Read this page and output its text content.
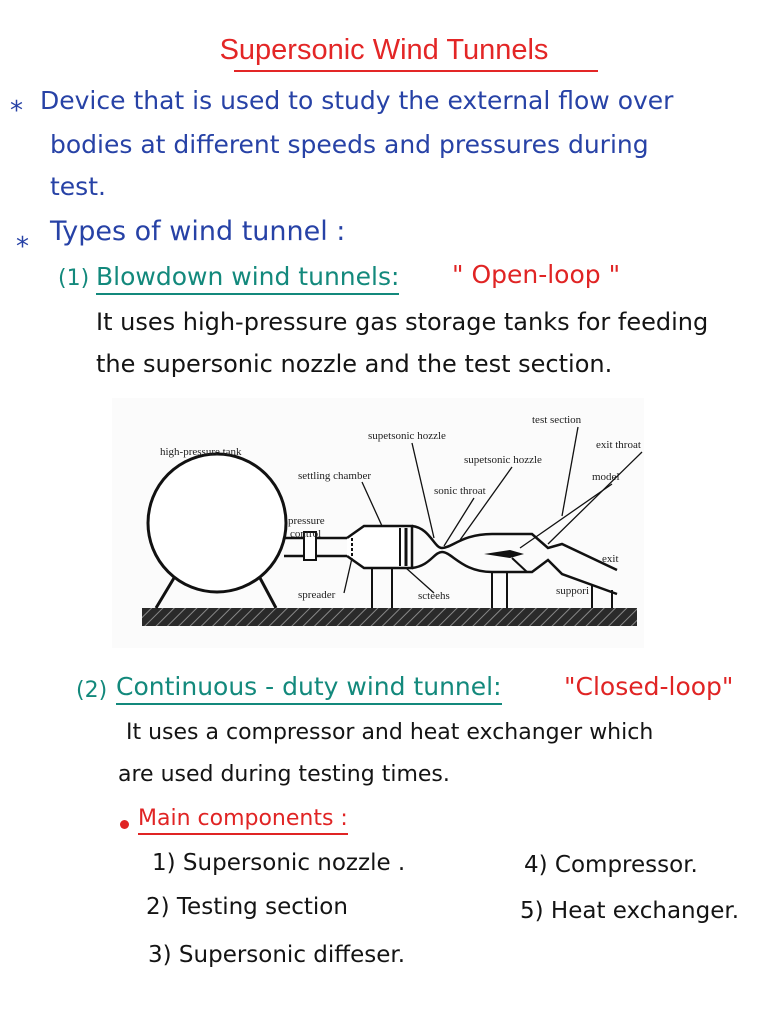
Supersonic Wind Tunnels
* Device that is used to study the external flow over
bodies at different speeds and pressures during
test.
* Types of wind tunnel :
(1) Blowdown wind tunnels: " Open-loop "
It uses high-pressure gas storage tanks for feeding
the supersonic nozzle and the test section.
high-pressure tank
settling chamber
supetsonic hozzle
supetsonic hozzle
test section
exit throat
sonic throat
model
pressure
control
exit
spreader	scteehs	suppori
(2) Continuous - duty wind tunnel: "Closed-loop"
It uses a compressor and heat exchanger which
are used during testing times.
Main components :
1) Supersonic nozzle .
2) Testing section
3) Supersonic diffeser.
4) Compressor.
5) Heat exchanger.
